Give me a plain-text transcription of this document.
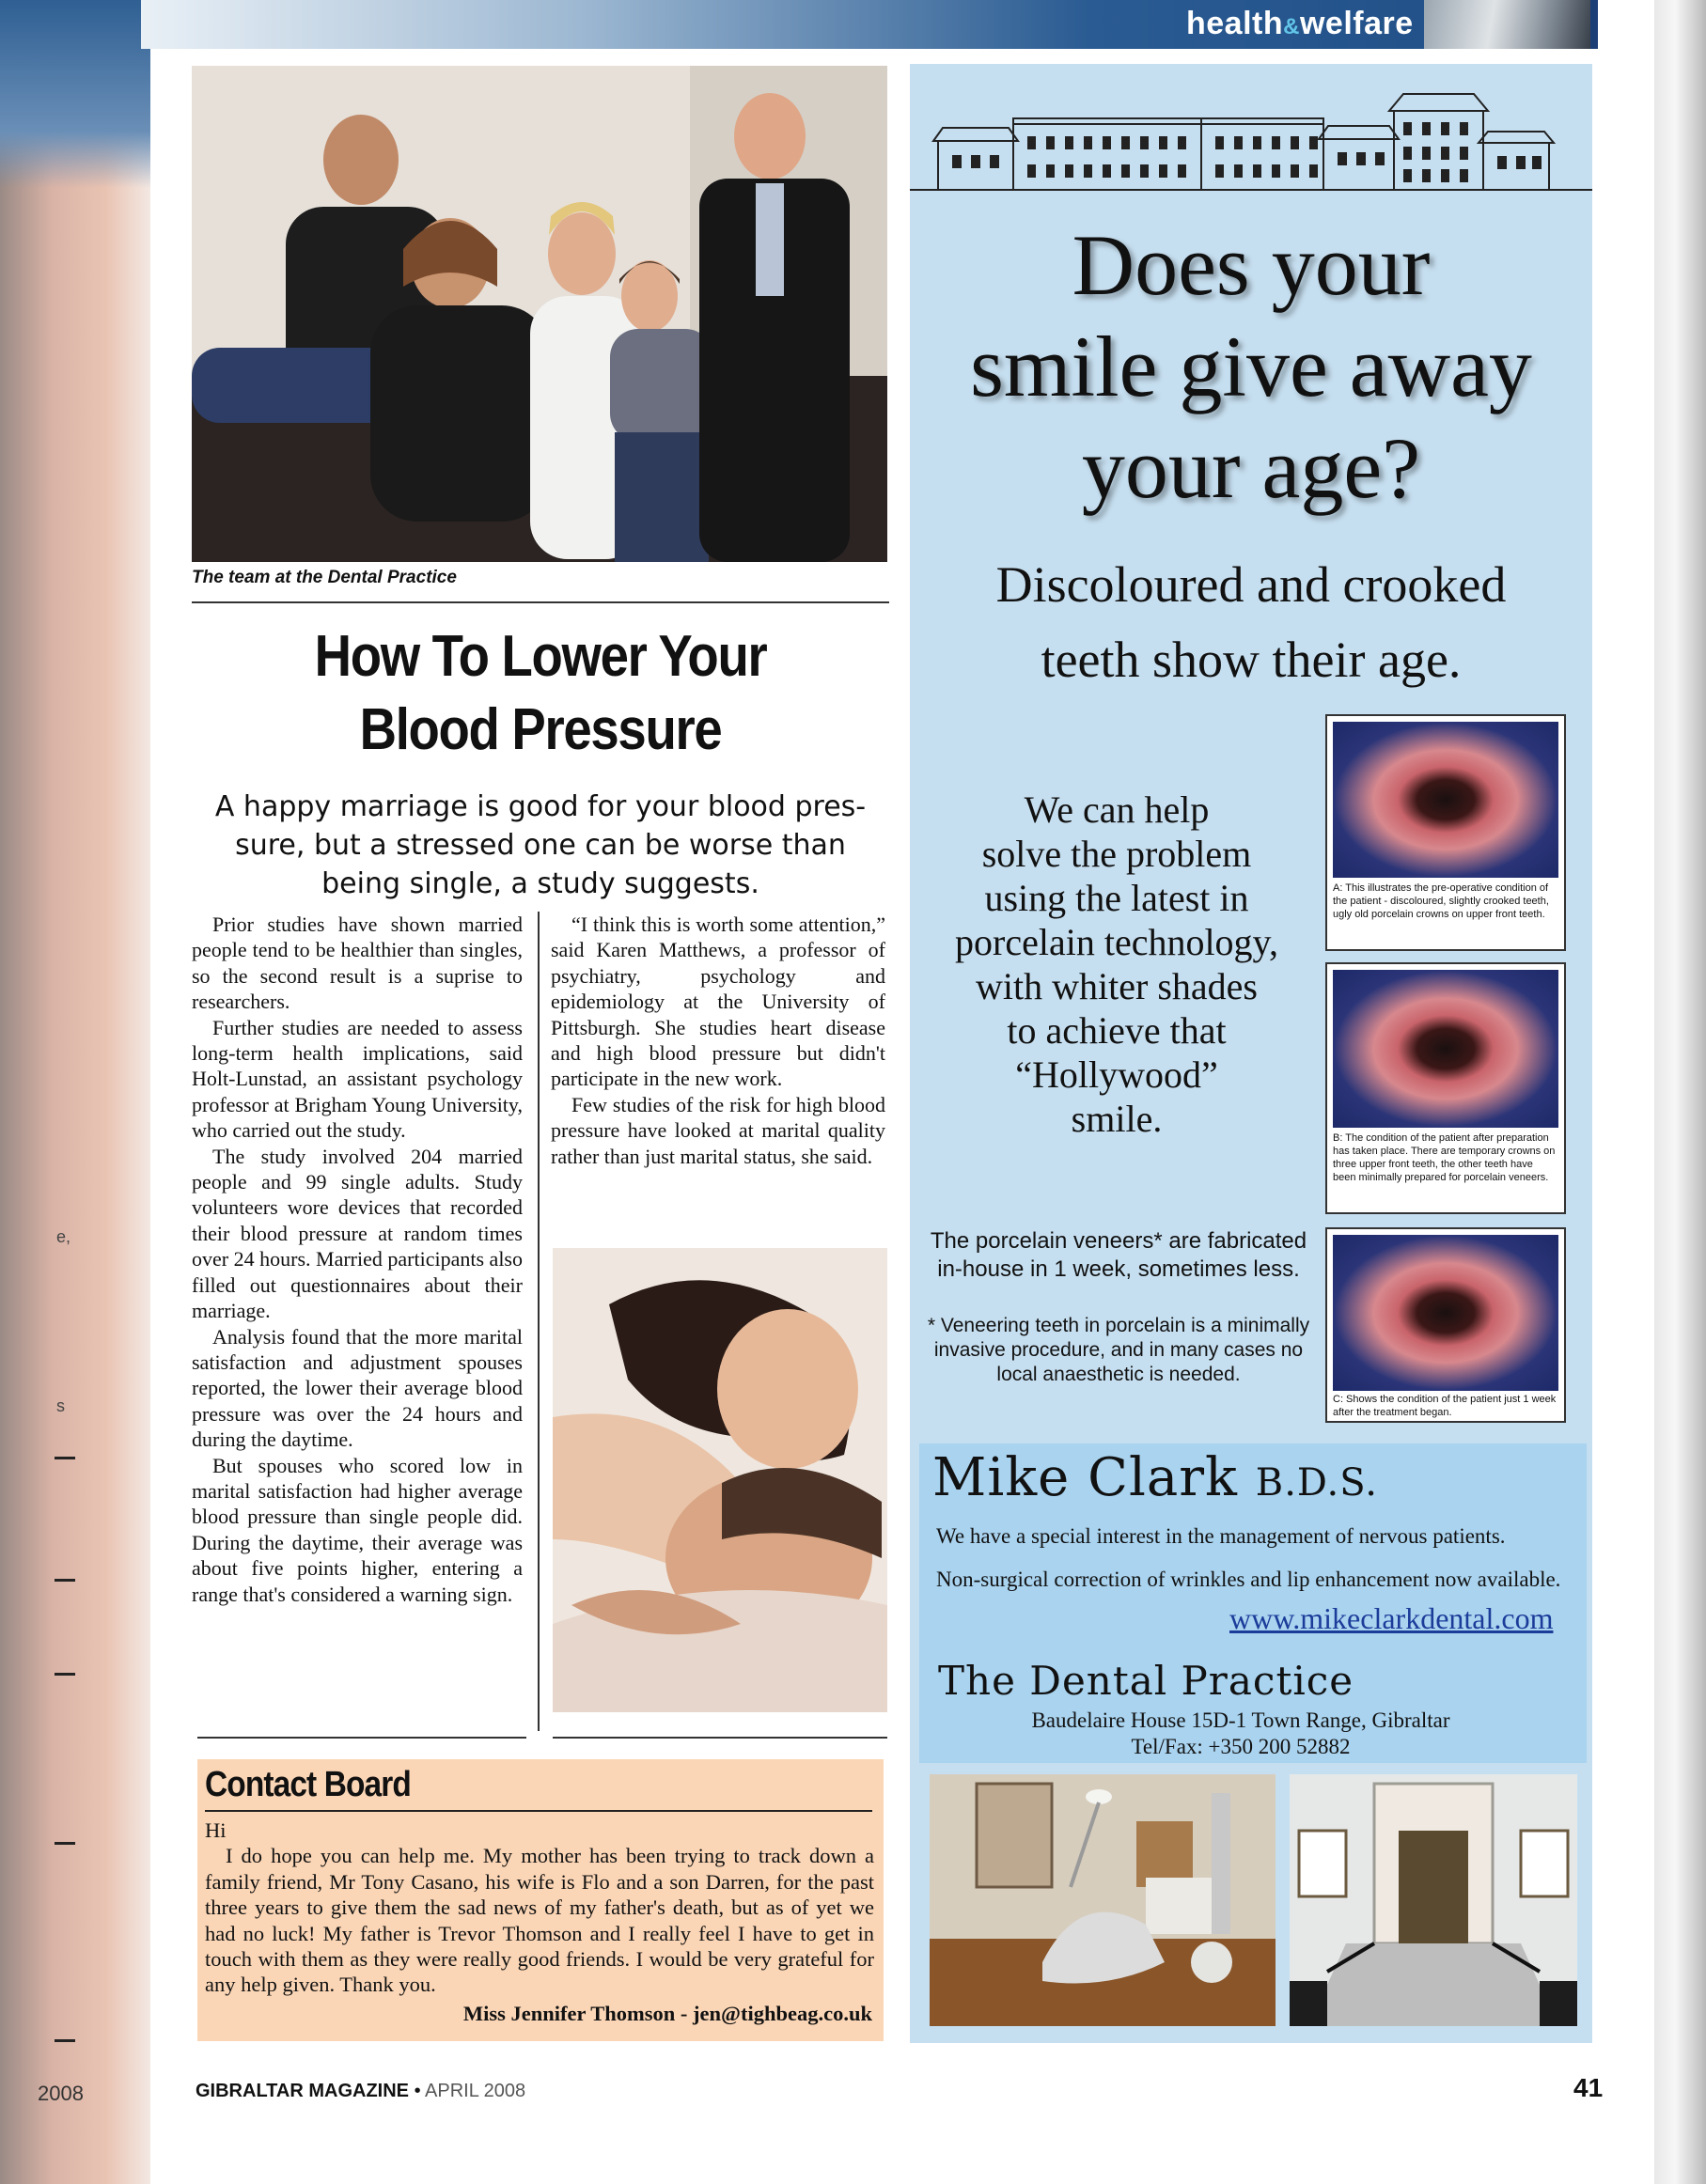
e,
s
2008
health&welfare
The team at the Dental Practice
How To Lower Your
Blood Pressure
A happy marriage is good for your blood pres-sure, but a stressed one can be worse than being single, a study suggests.

Prior studies have shown married people tend to be healthier than singles, so the second result is a suprise to researchers.

Further studies are needed to assess long-term health implications, said Holt-Lunstad, an assistant psychology professor at Brigham Young University, who carried out the study.

The study involved 204 married people and 99 single adults. Study volunteers wore devices that recorded their blood pressure at random times over 24 hours. Married participants also filled out questionnaires about their marriage.

Analysis found that the more marital satisfaction and adjustment spouses reported, the lower their average blood pressure was over the 24 hours and during the daytime.

But spouses who scored low in marital satisfaction had higher average blood pressure than single people did. During the daytime, their average was about five points higher, entering a range that's considered a warning sign.

“I think this is worth some attention,” said Karen Matthews, a professor of psychiatry, psychology and epidemiology at the University of Pittsburgh. She studies heart disease and high blood pressure but didn't participate in the new work.

Few studies of the risk for high blood pressure have looked at marital quality rather than just marital status, she said.

Contact Board

Hi

I do hope you can help me. My mother has been trying to track down a family friend, Mr Tony Casano, his wife is Flo and a son Darren, for the past three years to give them the sad news of my father's death, but as of yet we had no luck! My father is Trevor Thomson and I really feel I have to get in touch with them as they were really good friends. I would be very grateful for any help given. Thank you.

Miss Jennifer Thomson - jen@tighbeag.co.uk
Does your
smile give away
your age?
Discoloured and crooked
teeth show their age.
We can help
solve the problem
using the latest in
porcelain technology,
with whiter shades
to achieve that
“Hollywood”
smile.
The porcelain veneers* are fabricated
in-house in 1 week, sometimes less.
* Veneering teeth in porcelain is a minimally
invasive procedure, and in many cases no
local anaesthetic is needed.
A: This illustrates the pre-operative condition of the patient - discoloured, slightly crooked teeth, ugly old porcelain crowns on upper front teeth.
B: The condition of the patient after preparation has taken place. There are temporary crowns on three upper front teeth, the other teeth have been minimally prepared for porcelain veneers.
C: Shows the condition of the patient just 1 week after the treatment began.
Mike Clark B.D.S.
We have a special interest in the management of nervous patients.
Non-surgical correction of wrinkles and lip enhancement now available.
www.mikeclarkdental.com
The Dental Practice
Baudelaire House 15D-1 Town Range, Gibraltar
Tel/Fax: +350 200 52882
GIBRALTAR MAGAZINE • APRIL 2008	41
